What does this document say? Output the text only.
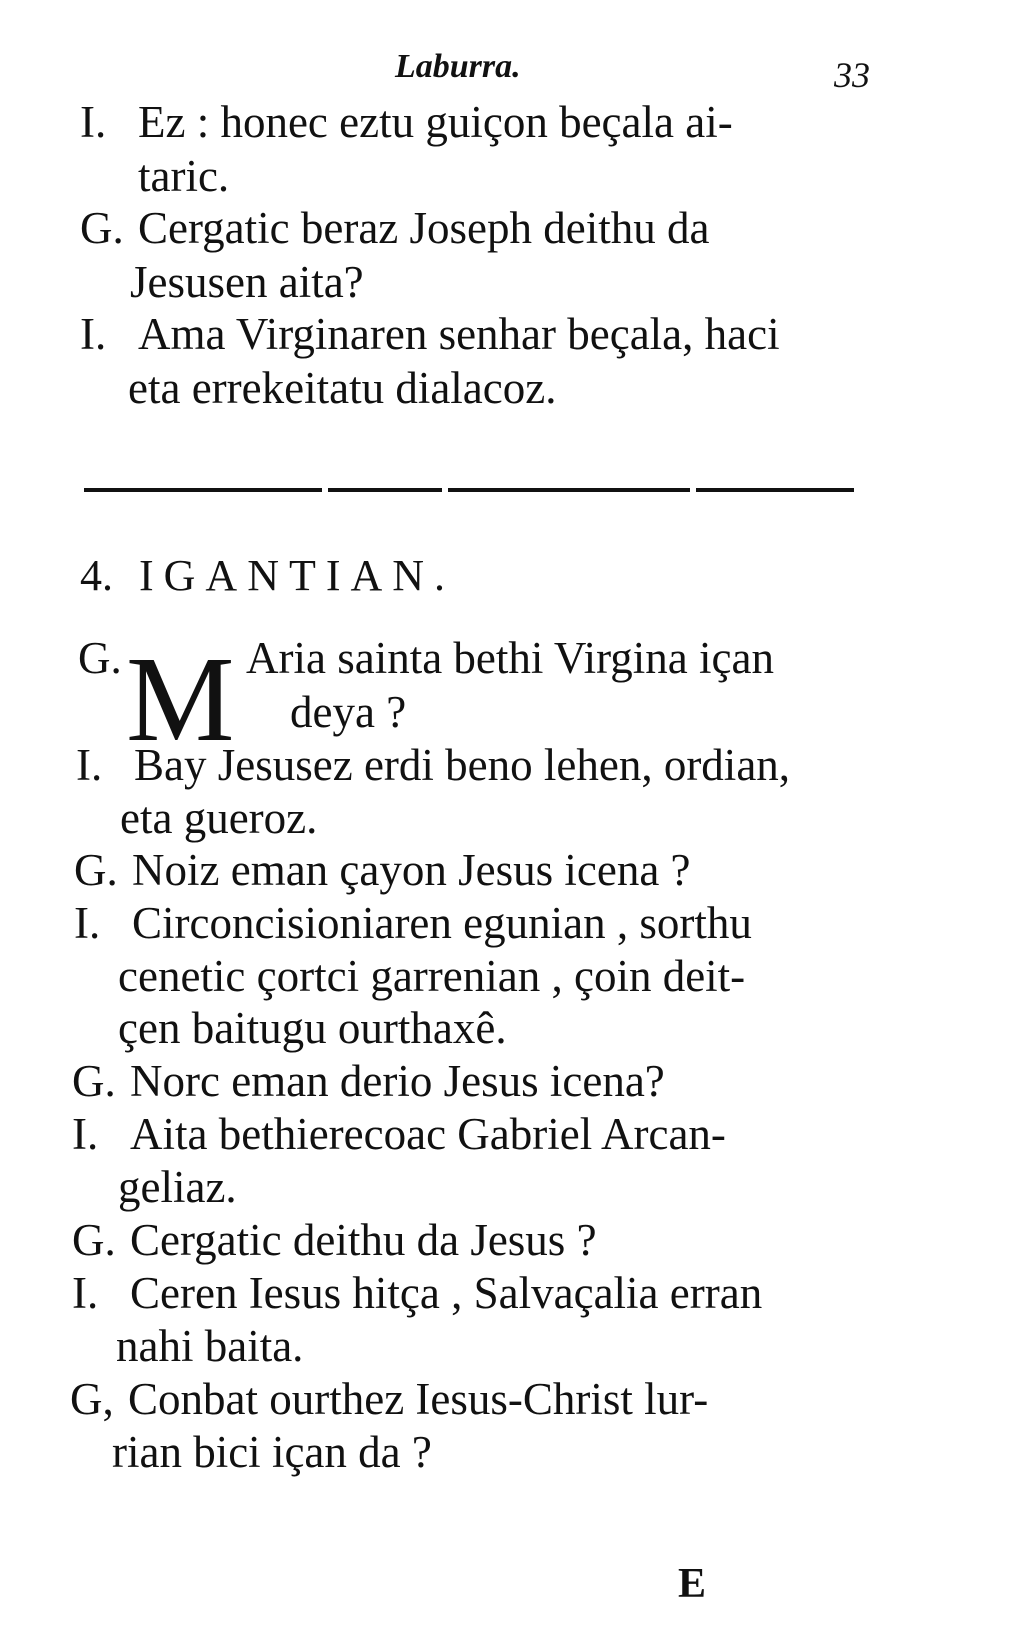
Laburra.	33
I. Ez : honec eztu guiçon beçala ai-
taric.
G. Cergatic beraz Joseph deithu da
Jesusen aita?
I. Ama Virginaren senhar beçala, haci
eta errekeitatu dialacoz.
4. IGANTIAN.
G. M Aria sainta bethi Virgina içan
deya ?
I. Bay Jesusez erdi beno lehen, ordian,
eta gueroz.
G. Noiz eman çayon Jesus icena ?
I. Circoncisioniaren egunian , sorthu
cenetic çortci garrenian , çoin deit-
çen baitugu ourthaxê.
G. Norc eman derio Jesus icena?
I. Aita bethierecoac Gabriel Arcan-
geliaz.
G. Cergatic deithu da Jesus ?
I. Ceren Iesus hitça , Salvaçalia erran
nahi baita.
G, Conbat ourthez Iesus-Christ lur-
rian bici içan da ?
E
